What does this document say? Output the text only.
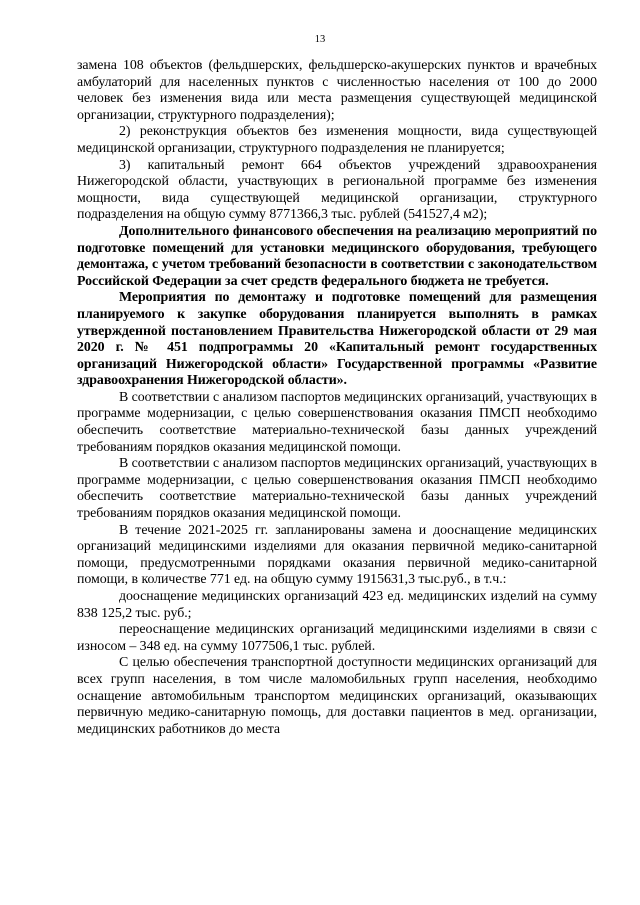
13

замена 108 объектов (фельдшерских, фельдшерско-акушерских пунктов и врачебных амбулаторий для населенных пунктов с численностью населения от 100 до 2000 человек без изменения вида или места размещения существующей медицинской организации, структурного подразделения);

2) реконструкция объектов без изменения мощности, вида существующей медицинской организации, структурного подразделения не планируется;

3) капитальный ремонт 664 объектов учреждений здравоохранения Нижегородской области, участвующих в региональной программе без изменения мощности, вида существующей медицинской организации, структурного подразделения на общую сумму 8771366,3 тыс. рублей (541527,4 м2);

Дополнительного финансового обеспечения на реализацию мероприятий по подготовке помещений для установки медицинского оборудования, требующего демонтажа, с учетом требований безопасности в соответствии с законодательством Российской Федерации за счет средств федерального бюджета не требуется.

Мероприятия по демонтажу и подготовке помещений для размещения планируемого к закупке оборудования планируется выполнять в рамках утвержденной постановлением Правительства Нижегородской области от 29 мая 2020 г. № 451 подпрограммы 20 «Капитальный ремонт государственных организаций Нижегородской области» Государственной программы «Развитие здравоохранения Нижегородской области».

В соответствии с анализом паспортов медицинских организаций, участвующих в программе модернизации, с целью совершенствования оказания ПМСП необходимо обеспечить соответствие материально-технической базы данных учреждений требованиям порядков оказания медицинской помощи.

В соответствии с анализом паспортов медицинских организаций, участвующих в программе модернизации, с целью совершенствования оказания ПМСП необходимо обеспечить соответствие материально-технической базы данных учреждений требованиям порядков оказания медицинской помощи.

В течение 2021-2025 гг. запланированы замена и дооснащение медицинских организаций медицинскими изделиями для оказания первичной медико-санитарной помощи, предусмотренными порядками оказания первичной медико-санитарной помощи, в количестве 771 ед. на общую сумму 1915631,3 тыс.руб., в т.ч.:

дооснащение медицинских организаций 423 ед. медицинских изделий на сумму 838 125,2 тыс. руб.;

переоснащение медицинских организаций медицинскими изделиями в связи с износом – 348 ед. на сумму 1077506,1 тыс. рублей.

С целью обеспечения транспортной доступности медицинских организаций для всех групп населения, в том числе маломобильных групп населения, необходимо оснащение автомобильным транспортом медицинских организаций, оказывающих первичную медико-санитарную помощь, для доставки пациентов в мед. организации, медицинских работников до места
